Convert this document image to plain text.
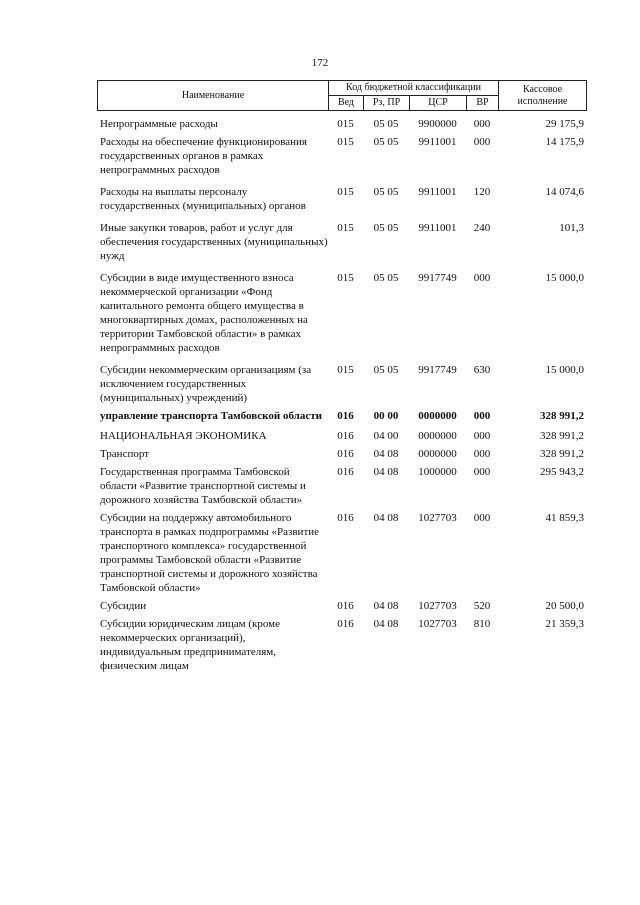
172
Наименование	Код бюджетной классификации				Кассовое
исполнение

	Вед	Рз, ПР	ЦСР	ВР	
Непрограммные расходы	015	05 05	9900000	000	29 175,9
Расходы на обеспечение функционирования государственных органов в рамках непрограммных расходов
015	05 05	9911001	000	14 175,9
Расходы на выплаты персоналу государственных (муниципальных) органов
015	05 05	9911001	120	14 074,6
Иные закупки товаров, работ и услуг для обеспечения государственных (муниципальных) нужд
015	05 05	9911001	240	101,3
Субсидии в виде имущественного взноса некоммерческой организации «Фонд капитального ремонта общего имущества в многоквартирных домах, расположенных на территории Тамбовской области» в рамках непрограммных расходов
015	05 05	9917749	000	15 000,0
Субсидии некоммерческим организациям (за исключением государственных (муниципальных) учреждений)
015	05 05	9917749	630	15 000,0
управление транспорта Тамбовской области	016	00 00	0000000	000	328 991,2
НАЦИОНАЛЬНАЯ ЭКОНОМИКА	016	04 00	0000000	000	328 991,2
Транспорт	016	04 08	0000000	000	328 991,2
Государственная программа Тамбовской области «Развитие транспортной системы и дорожного хозяйства Тамбовской области»
016	04 08	1000000	000	295 943,2
Субсидии на поддержку автомобильного транспорта в рамках подпрограммы «Развитие транспортного комплекса» государственной программы Тамбовской области «Развитие транспортной системы и дорожного хозяйства Тамбовской области»
016	04 08	1027703	000	41 859,3
Субсидии	016	04 08	1027703	520	20 500,0
Субсидии юридическим лицам (кроме некоммерческих организаций), индивидуальным предпринимателям, физическим лицам
016	04 08	1027703	810	21 359,3
